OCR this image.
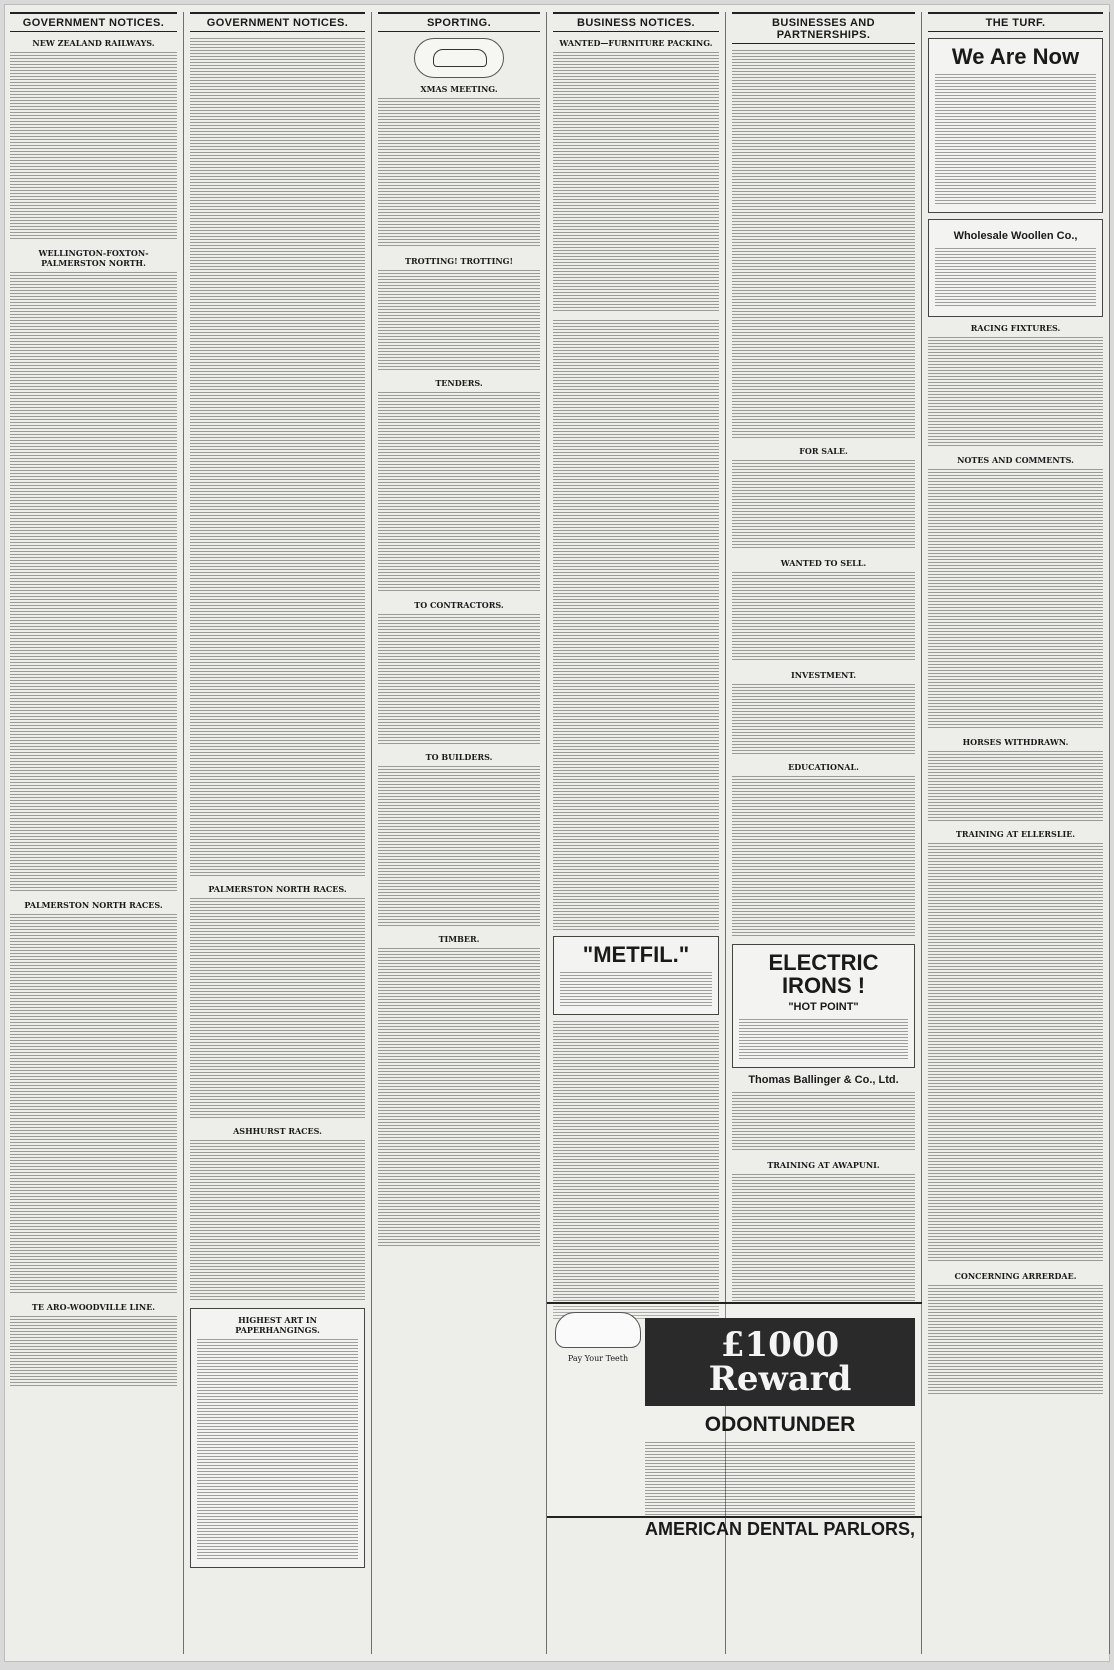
GOVERNMENT NOTICES.
NEW ZEALAND RAILWAYS.
WELLINGTON-FOXTON-PALMERSTON NORTH.
PALMERSTON NORTH RACES.
TE ARO-WOODVILLE LINE.
GOVERNMENT NOTICES.
PALMERSTON NORTH RACES.
ASHHURST RACES.
HIGHEST ART IN PAPERHANGINGS.
SPORTING.
XMAS MEETING.
TROTTING! TROTTING!
TENDERS.
TO CONTRACTORS.
TO BUILDERS.
TIMBER.
BUSINESS NOTICES.
WANTED—FURNITURE PACKING.
"METFIL."
BUSINESSES AND PARTNERSHIPS.
FOR SALE.
WANTED TO SELL.
INVESTMENT.
EDUCATIONAL.
ELECTRIC IRONS !
"HOT POINT"
Thomas Ballinger & Co., Ltd.
TRAINING AT AWAPUNI.
THE TURF.
We Are Now
Wholesale Woollen Co.,
RACING FIXTURES.
NOTES AND COMMENTS.
HORSES WITHDRAWN.
TRAINING AT ELLERSLIE.
CONCERNING ARRERDAE.
Pay Your Teeth	£1000 Reward
ODONTUNDER
AMERICAN DENTAL PARLORS,
